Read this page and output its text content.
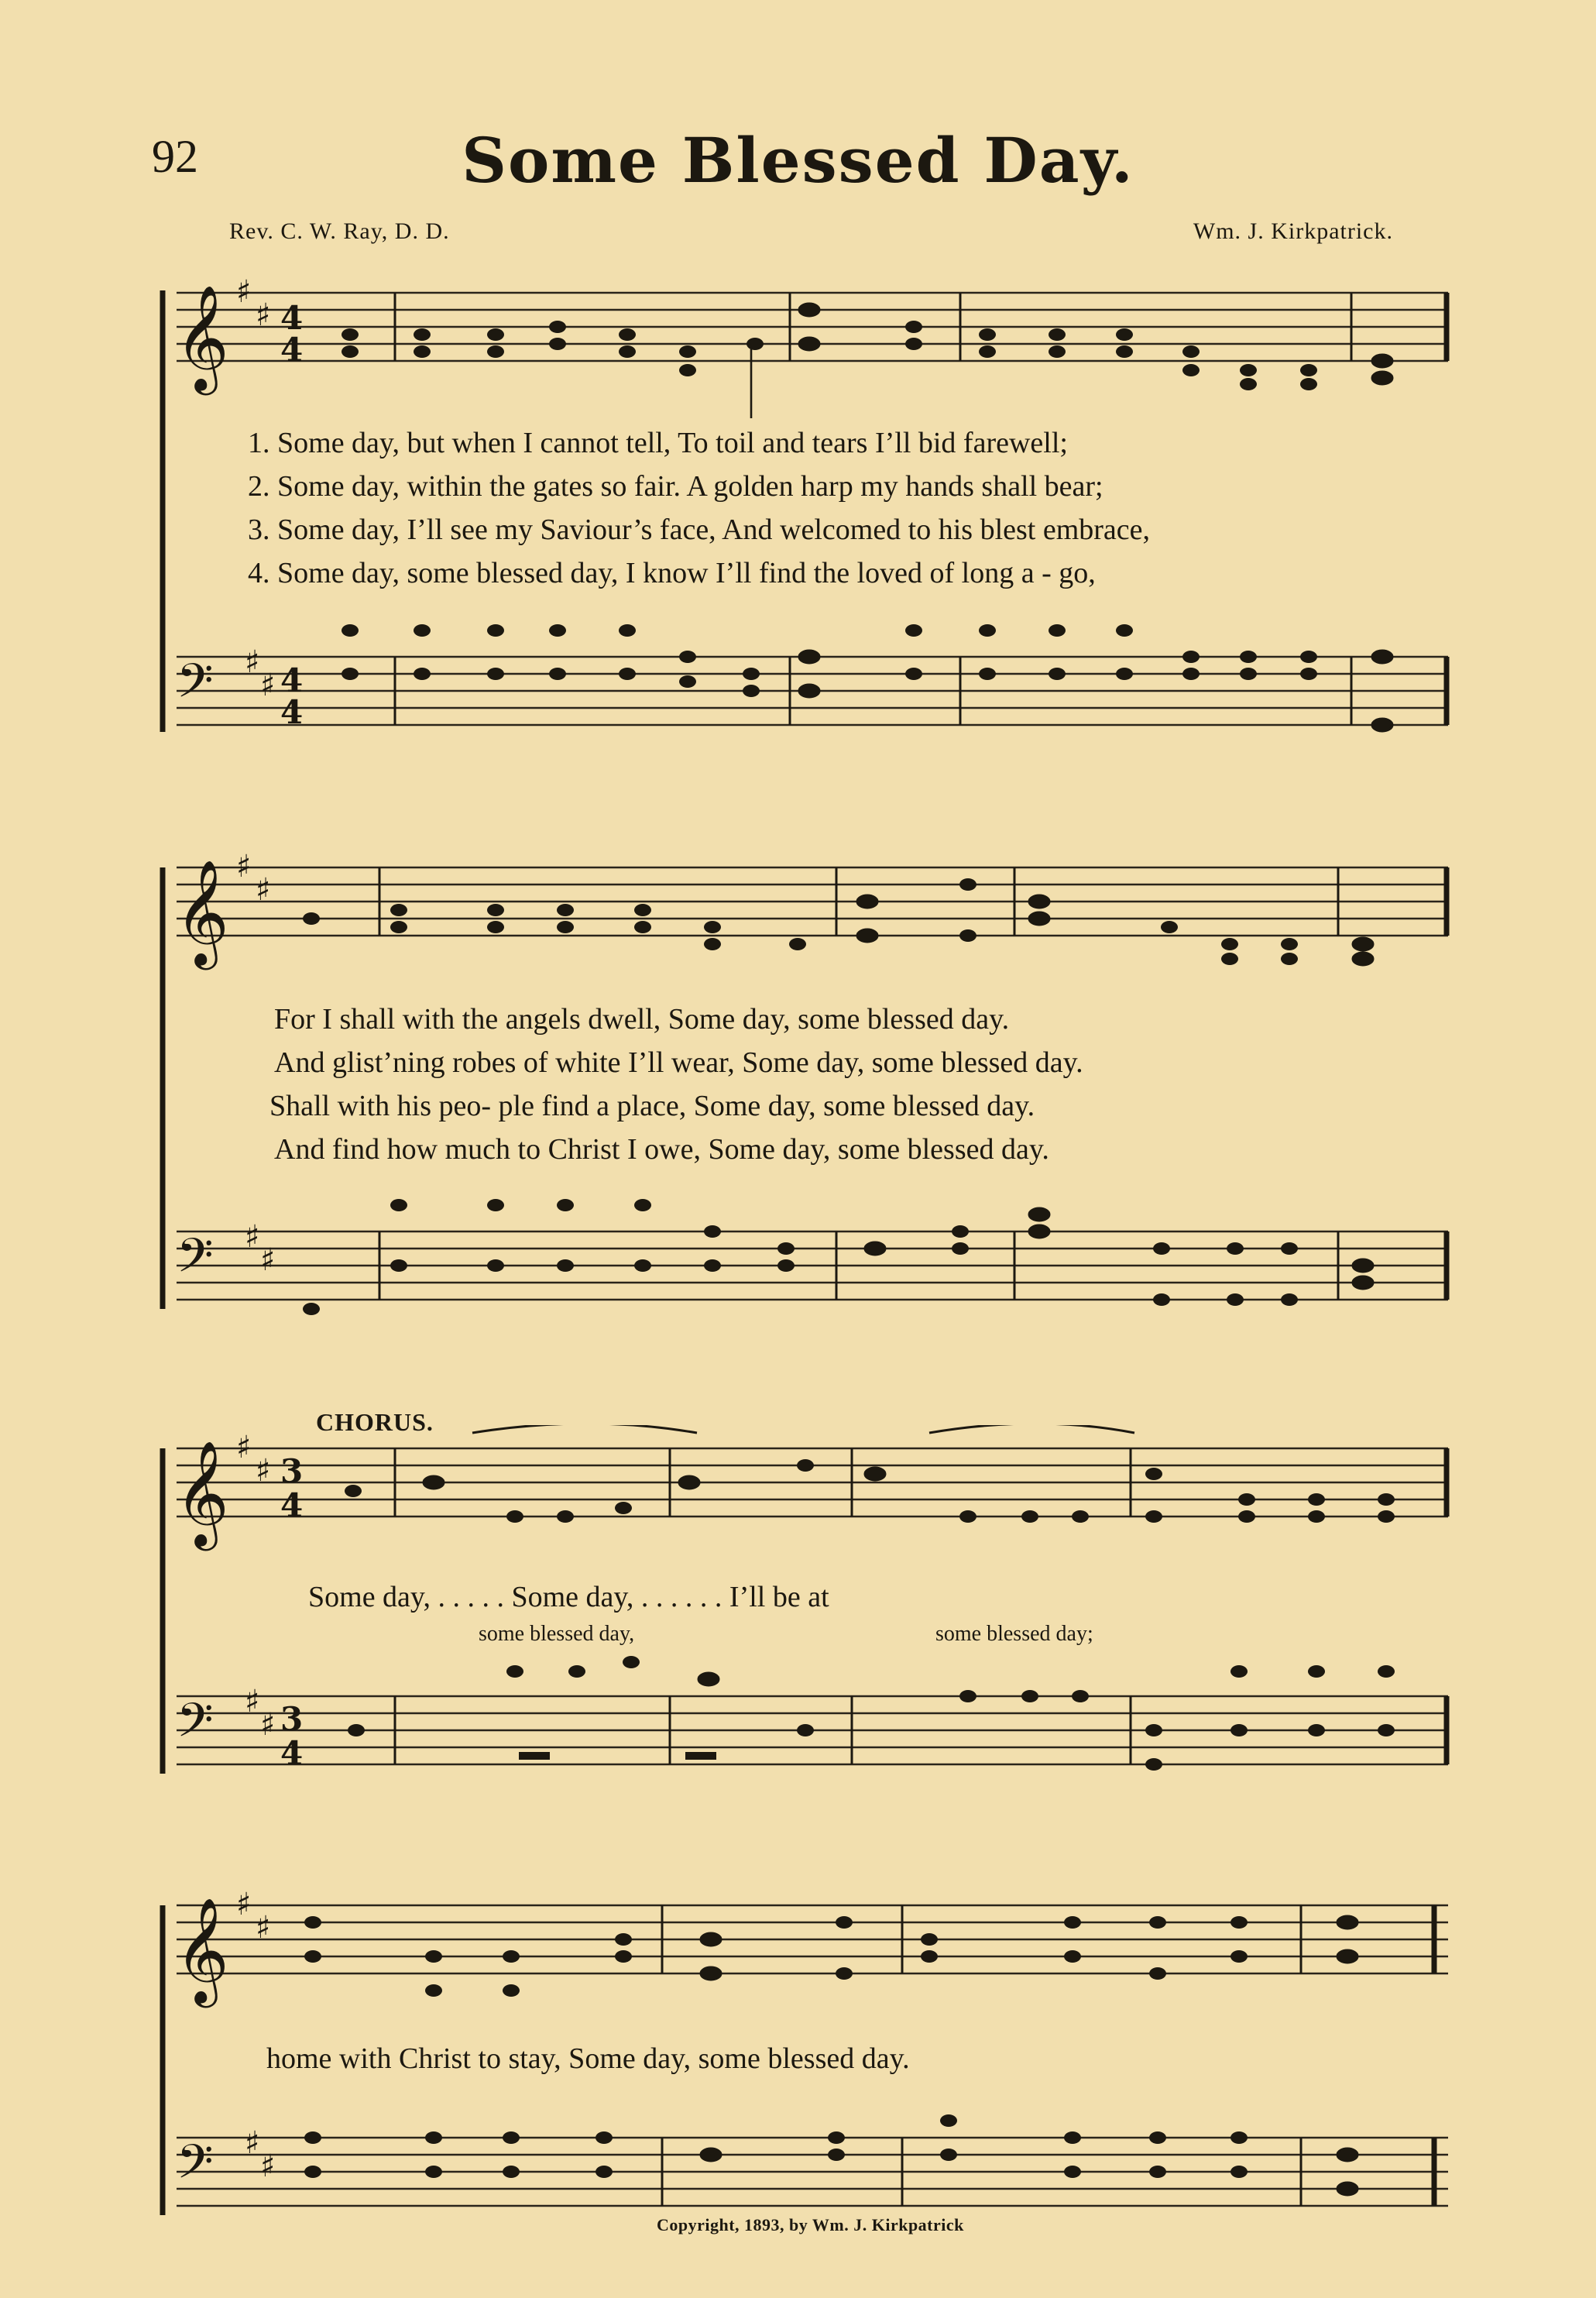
92	Some Blessed Day.
Rev. C. W. Ray, D. D.	Wm. J. Kirkpatrick.
𝄞 ♯
♯ 4
4
𝄢 ♯
♯ 4
4
1. Some day, but when I cannot tell, To toil and tears I’ll bid farewell;
2. Some day, within the gates so fair. A golden harp my hands shall bear;
3. Some day, I’ll see my Saviour’s face, And welcomed to his blest embrace,
4. Some day, some blessed day, I know I’ll find the loved of long a - go,
𝄞 ♯
♯
𝄢 ♯
♯
For I shall with the angels dwell, Some day, some blessed day.
And glist’ning robes of white I’ll wear, Some day, some blessed day.
Shall with his peo- ple find a place, Some day, some blessed day.
And find how much to Christ I owe, Some day, some blessed day.
CHORUS.
𝄞 ♯
♯ 3
4
𝄢 ♯
♯ 3
4
Some day, . . . . . Some day, . . . . . . I’ll be at
some blessed day,	some blessed day;
𝄞 ♯
♯
𝄢 ♯
♯
home with Christ to stay, Some day, some blessed day.
Copyright, 1893, by Wm. J. Kirkpatrick
